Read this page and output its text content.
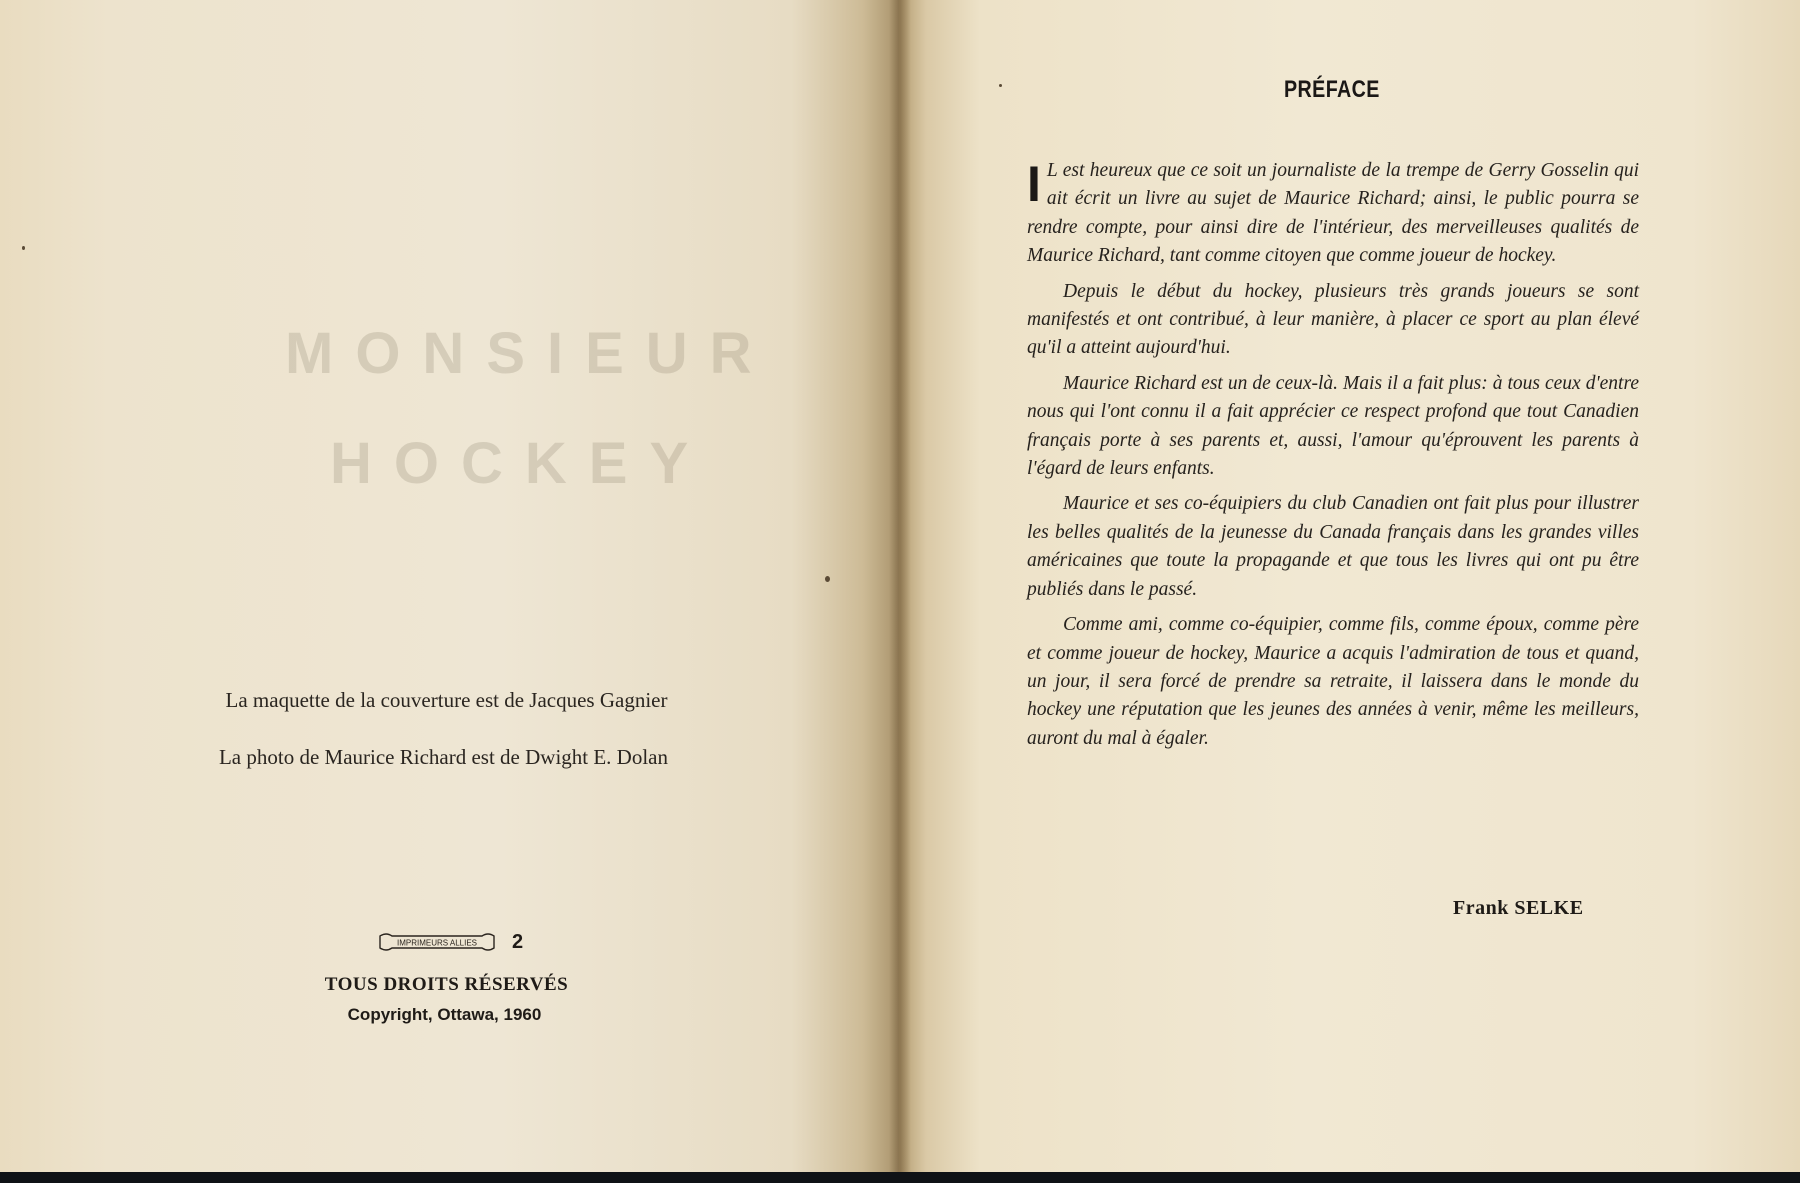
MONSIEUR
HOCKEY
La maquette de la couverture est de Jacques Gagnier
La photo de Maurice Richard est de Dwight E. Dolan
IMPRIMEURS ALLIES 2
TOUS DROITS RÉSERVÉS
Copyright, Ottawa, 1960
PRÉFACE

I L est heureux que ce soit un journaliste de la trempe de Gerry Gosselin qui ait écrit un livre au sujet de Maurice Richard; ainsi, le public pourra se rendre compte, pour ainsi dire de l'intérieur, des merveilleuses qualités de Maurice Richard, tant comme citoyen que comme joueur de hockey.

Depuis le début du hockey, plusieurs très grands joueurs se sont manifestés et ont contribué, à leur manière, à placer ce sport au plan élevé qu'il a atteint aujourd'hui.

Maurice Richard est un de ceux-là. Mais il a fait plus: à tous ceux d'entre nous qui l'ont connu il a fait apprécier ce respect profond que tout Canadien français porte à ses parents et, aussi, l'amour qu'éprouvent les parents à l'égard de leurs enfants.

Maurice et ses co-équipiers du club Canadien ont fait plus pour illustrer les belles qualités de la jeunesse du Canada français dans les grandes villes américaines que toute la propagande et que tous les livres qui ont pu être publiés dans le passé.

Comme ami, comme co-équipier, comme fils, comme époux, comme père et comme joueur de hockey, Maurice a acquis l'admiration de tous et quand, un jour, il sera forcé de prendre sa retraite, il laissera dans le monde du hockey une réputation que les jeunes des années à venir, même les meilleurs, auront du mal à égaler.

Frank SELKE
